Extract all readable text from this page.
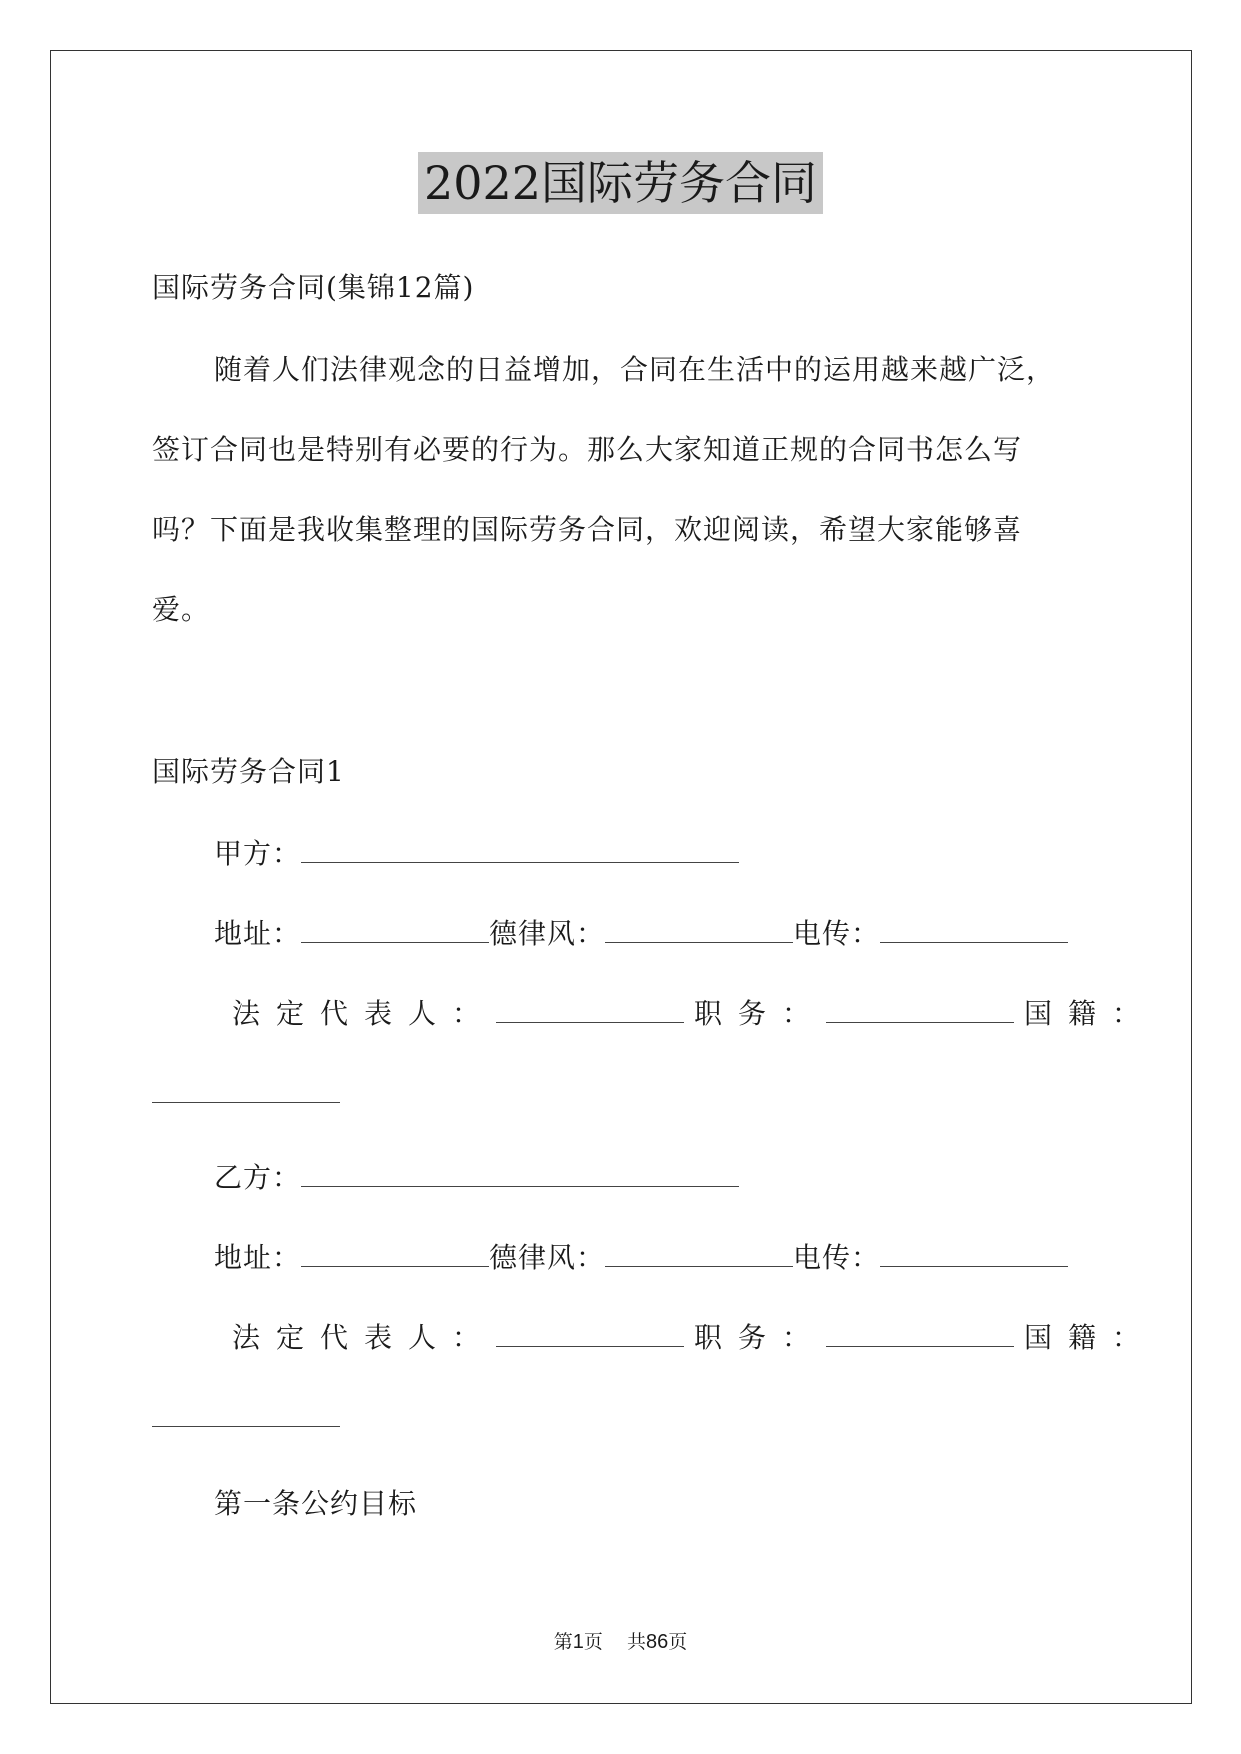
2022国际劳务合同
国际劳务合同(集锦12篇)
随着人们法律观念的日益增加，合同在生活中的运用越来越广泛，
签订合同也是特别有必要的行为。那么大家知道正规的合同书怎么写
吗？下面是我收集整理的国际劳务合同，欢迎阅读，希望大家能够喜
爱。
国际劳务合同1
甲方：
地址：	德律风：	电传：
法定代表人：	职务：	国籍：
乙方：
地址：	德律风：	电传：
法定代表人：	职务：	国籍：
第一条公约目标
第1页 共86页
